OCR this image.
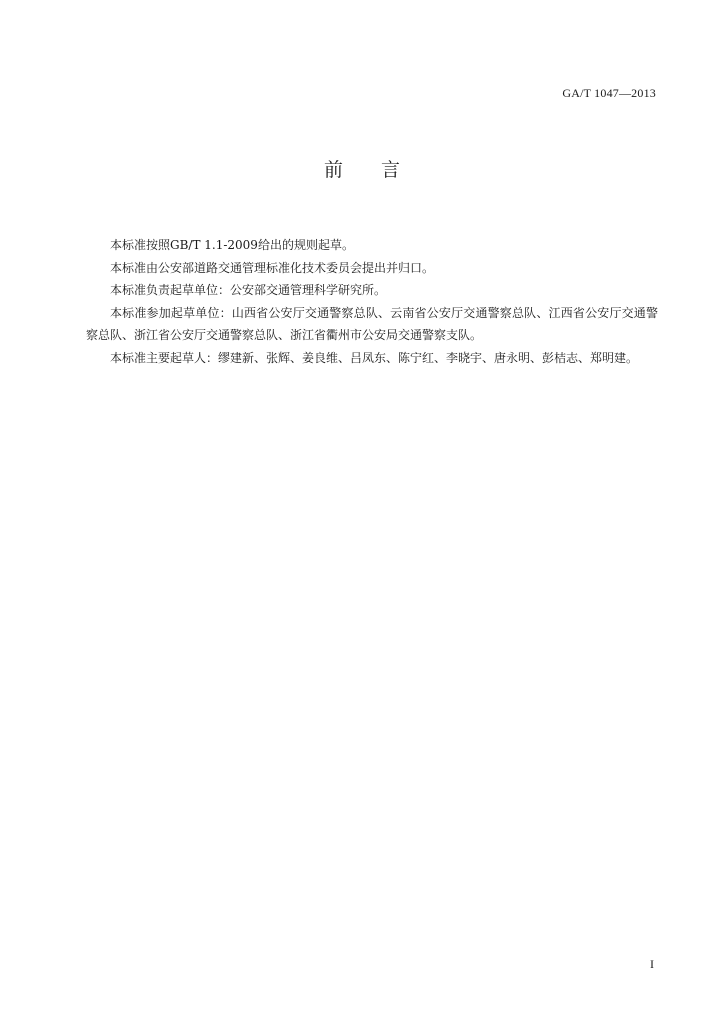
GA/T 1047—2013
前言

本标准按照GB/T 1.1-2009给出的规则起草。

本标准由公安部道路交通管理标准化技术委员会提出并归口。

本标准负责起草单位：公安部交通管理科学研究所。

本标准参加起草单位：山西省公安厅交通警察总队、云南省公安厅交通警察总队、江西省公安厅交通警察总队、浙江省公安厅交通警察总队、浙江省衢州市公安局交通警察支队。

本标准主要起草人：缪建新、张辉、姜良维、吕凤东、陈宁红、李晓宇、唐永明、彭桔志、郑明建。

I
